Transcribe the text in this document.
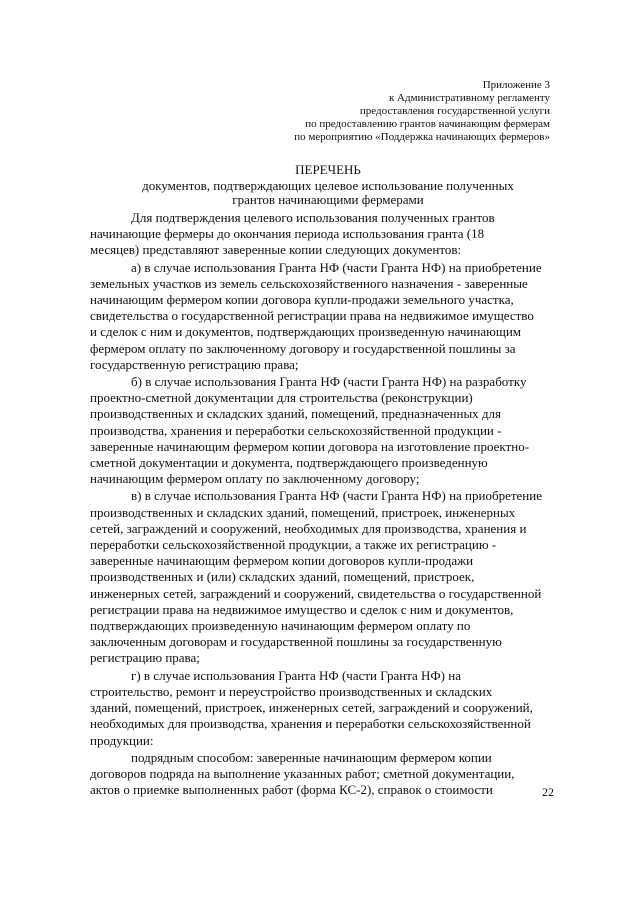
Приложение 3
к Административному регламенту
предоставления государственной услуги
по предоставлению грантов начинающим фермерам
по мероприятию «Поддержка начинающих фермеров»
ПЕРЕЧЕНЬ
документов, подтверждающих целевое использование полученных
грантов начинающими фермерами

Для подтверждения целевого использования полученных грантов
начинающие фермеры до окончания периода использования гранта (18
месяцев) представляют заверенные копии следующих документов:

а) в случае использования Гранта НФ (части Гранта НФ) на приобретение
земельных участков из земель сельскохозяйственного назначения - заверенные
начинающим фермером копии договора купли-продажи земельного участка,
свидетельства о государственной регистрации права на недвижимое имущество
и сделок с ним и документов, подтверждающих произведенную начинающим
фермером оплату по заключенному договору и государственной пошлины за
государственную регистрацию права;

б) в случае использования Гранта НФ (части Гранта НФ) на разработку
проектно-сметной документации для строительства (реконструкции)
производственных и складских зданий, помещений, предназначенных для
производства, хранения и переработки сельскохозяйственной продукции -
заверенные начинающим фермером копии договора на изготовление проектно-
сметной документации и документа, подтверждающего произведенную
начинающим фермером оплату по заключенному договору;

в) в случае использования Гранта НФ (части Гранта НФ) на приобретение
производственных и складских зданий, помещений, пристроек, инженерных
сетей, заграждений и сооружений, необходимых для производства, хранения и
переработки сельскохозяйственной продукции, а также их регистрацию -
заверенные начинающим фермером копии договоров купли-продажи
производственных и (или) складских зданий, помещений, пристроек,
инженерных сетей, заграждений и сооружений, свидетельства о государственной
регистрации права на недвижимое имущество и сделок с ним и документов,
подтверждающих произведенную начинающим фермером оплату по
заключенным договорам и государственной пошлины за государственную
регистрацию права;

г) в случае использования Гранта НФ (части Гранта НФ) на
строительство, ремонт и переустройство производственных и складских
зданий, помещений, пристроек, инженерных сетей, заграждений и сооружений,
необходимых для производства, хранения и переработки сельскохозяйственной
продукции:

подрядным способом: заверенные начинающим фермером копии
договоров подряда на выполнение указанных работ; сметной документации,
актов о приемке выполненных работ (форма КС-2), справок о стоимости	22
